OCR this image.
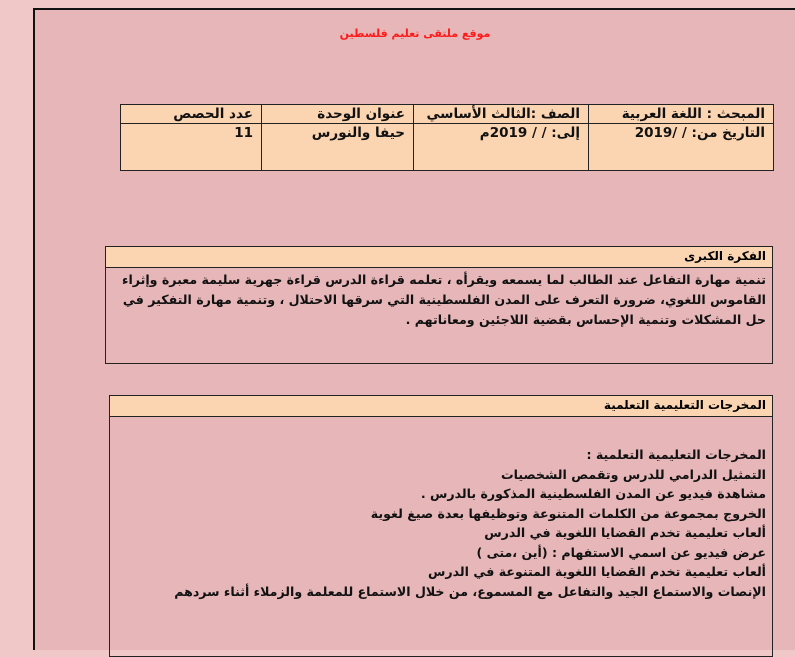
موقع ملتقى تعليم فلسطين
المبحث : اللغة العربية	الصف :الثالث الأساسي	عنوان الوحدة	عدد الحصص
التاريخ من: / /2019	إلى: / / 2019م	حيفا والنورس	11
الفكرة الكبرى
تنمية مهارة التفاعل عند الطالب لما يسمعه ويقرأه ، تعلمه قراءة الدرس قراءة جهرية سليمة معبرة وإثراء القاموس اللغوي، ضرورة التعرف على المدن الفلسطينية التي سرقها الاحتلال ، وتنمية مهارة التفكير في حل المشكلات وتنمية الإحساس بقضية اللاجئين ومعاناتهم .
المخرجات التعليمية التعلمية
المخرجات التعليمية التعلمية :
التمثيل الدرامي للدرس وتقمص الشخصيات
مشاهدة فيديو عن المدن الفلسطينية المذكورة بالدرس .
الخروج بمجموعة من الكلمات المتنوعة وتوظيفها بعدة صيغ لغوية
ألعاب تعليمية تخدم القضايا اللغوية في الدرس
عرض فيديو عن اسمي الاستفهام : (أين ،متى )
ألعاب تعليمية تخدم القضايا اللغوية المتنوعة في الدرس
الإنصات والاستماع الجيد والتفاعل مع المسموع، من خلال الاستماع للمعلمة والزملاء أثناء سردهم
